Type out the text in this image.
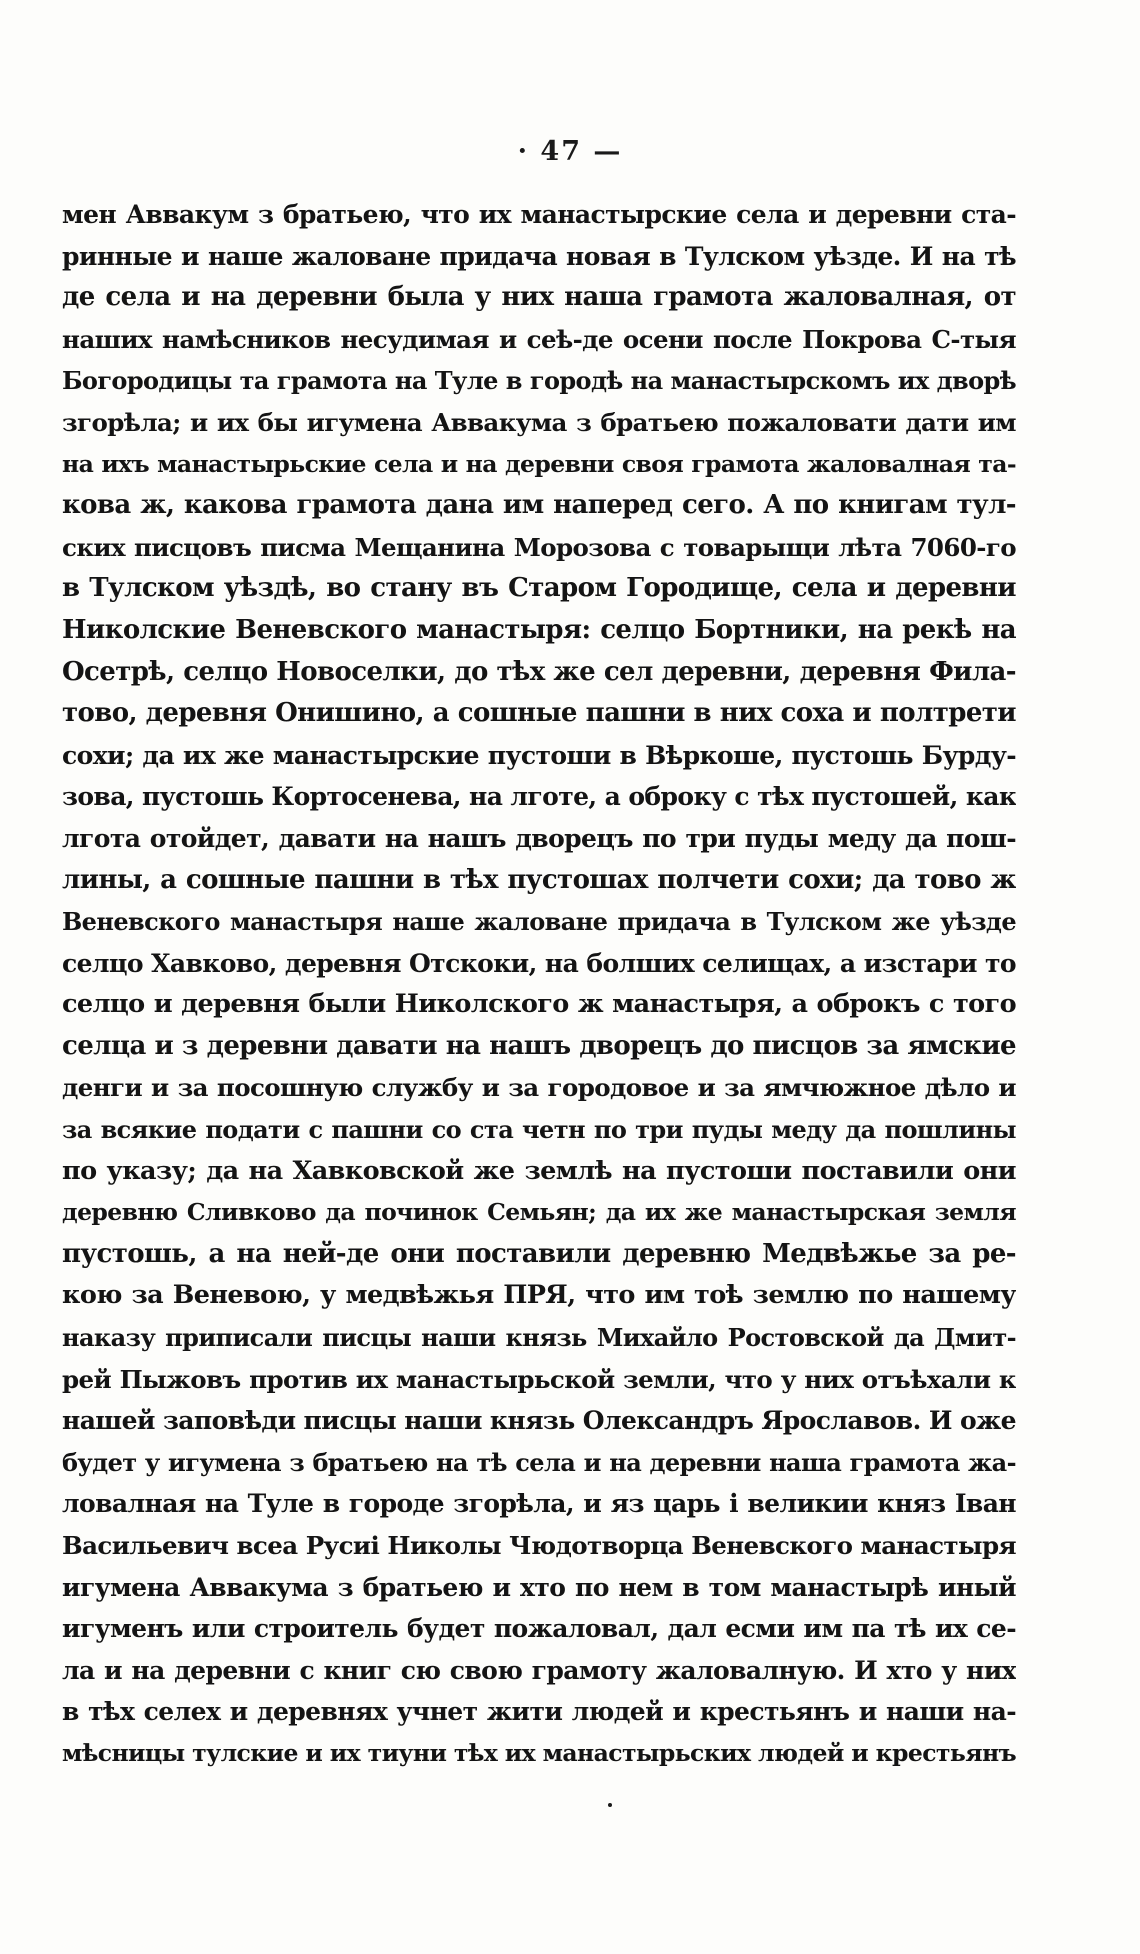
· 47 —
мен Аввакум з братьею, что их манастырские села и деревни ста-
ринные и наше жаловане придача новая в Тулском уѣзде. И на тѣ
де села и на деревни была у них наша грамота жаловалная, от
наших намѣсников несудимая и сеѣ-де осени после Покрова С-тыя
Богородицы та грамота на Туле в городѣ на манастырскомъ их дворѣ
згорѣла; и их бы игумена Аввакума з братьею пожаловати дати им
на ихъ манастырьские села и на деревни своя грамота жаловалная та-
кова ж, какова грамота дана им наперед сего. А по книгам тул-
ских писцовъ писма Мещанина Морозова с товарыщи лѣта 7060-го
в Тулском уѣздѣ, во стану въ Старом Городище, села и деревни
Николские Веневского манастыря: селцо Бортники, на рекѣ на
Осетрѣ, селцо Новоселки, до тѣх же сел деревни, деревня Фила-
тово, деревня Онишино, а сошные пашни в них соха и полтрети
сохи; да их же манастырские пустоши в Вѣркоше, пустошь Бурду-
зова, пустошь Кортосенева, на лготе, а оброку с тѣх пустошей, как
лгота отойдет, давати на нашъ дворецъ по три пуды меду да пош-
лины, а сошные пашни в тѣх пустошах полчети сохи; да тово ж
Веневского манастыря наше жаловане придача в Тулском же уѣзде
селцо Хавково, деревня Отскоки, на болших селищах, а изстари то
селцо и деревня были Николского ж манастыря, а оброкъ с того
селца и з деревни давати на нашъ дворецъ до писцов за ямские
денги и за посошную службу и за городовое и за ямчюжное дѣло и
за всякие подати с пашни со ста четн по три пуды меду да пошлины
по указу; да на Хавковской же землѣ на пустоши поставили они
деревню Сливково да починок Семьян; да их же манастырская земля
пустошь, а на ней-де они поставили деревню Медвѣжье за ре-
кою за Веневою, у медвѣжья ПРЯ, что им тоѣ землю по нашему
наказу приписали писцы наши князь Михайло Ростовской да Дмит-
рей Пыжовъ против их манастырьской земли, что у них отъѣхали к
нашей заповѣди писцы наши князь Олександръ Ярославов. И оже
будет у игумена з братьею на тѣ села и на деревни наша грамота жа-
ловалная на Туле в городе згорѣла, и яз царь і великии княз Іван
Васильевич всеа Русиі Николы Чюдотворца Веневского манастыря
игумена Аввакума з братьею и хто по нем в том манастырѣ иный
игуменъ или строитель будет пожаловал, дал есми им па тѣ их се-
ла и на деревни с книг сю свою грамоту жаловалную. И хто у них
в тѣх селех и деревнях учнет жити людей и крестьянъ и наши на-
мѣсницы тулские и их тиуни тѣх их манастырьских людей и крестьянъ
